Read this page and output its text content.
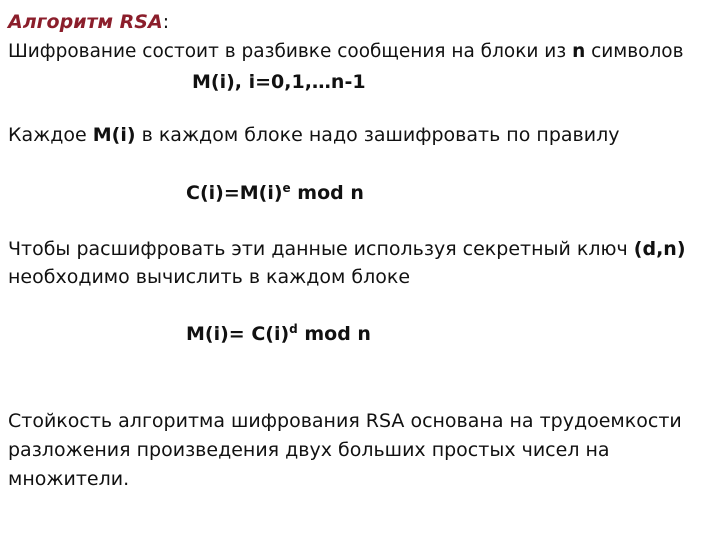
Алгоритм RSA:
Шифрование состоит в разбивке сообщения на блоки из n символов
M(i), i=0,1,…n-1
Каждое M(i) в каждом блоке надо зашифровать по правилу
$C(i)=M(i)^e$ mod n
Чтобы расшифровать эти данные используя секретный ключ (d,n)
необходимо вычислить в каждом блоке
$M(i)= C(i)^d$ mod n
Стойкость алгоритма шифрования RSA основана на трудоемкости
разложения произведения двух больших простых чисел на
множители.
